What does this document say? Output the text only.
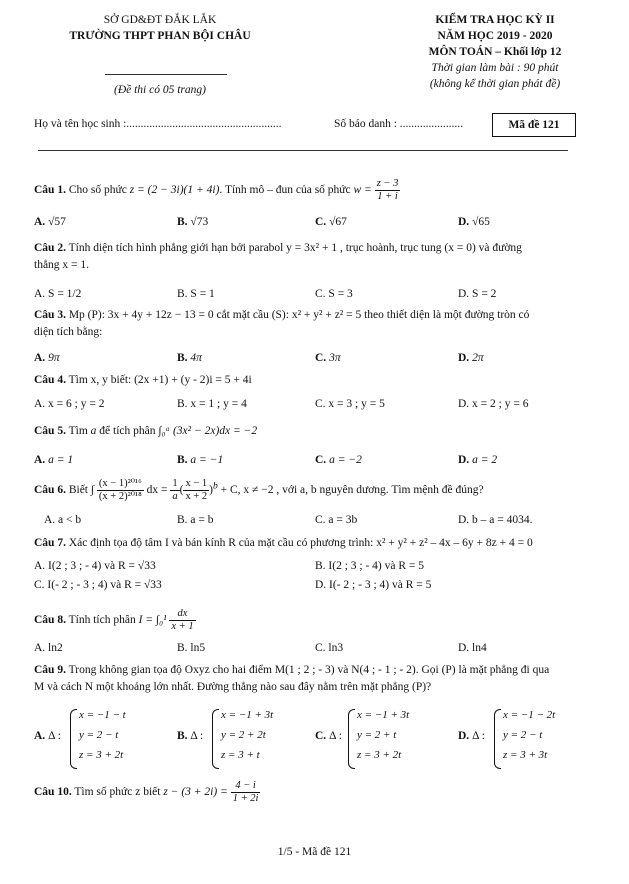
SỞ GD&ĐT ĐẮK LẮK
TRƯỜNG THPT PHAN BỘI CHÂU
(Đề thi có 05 trang)
KIỂM TRA HỌC KỲ II
NĂM HỌC 2019 - 2020
MÔN TOÁN – Khối lớp 12
Thời gian làm bài : 90 phút
(không kể thời gian phát đề)
Họ và tên học sinh :......................................................	Số báo danh : ......................	Mã đề 121
Câu 1. Cho số phức z = (2 − 3i)(1 + 4i). Tính mô – đun của số phức $w = \frac{z - 3}{1 + i}$
A. √57	B. √73	C. √67	D. √65
Câu 2. Tính diện tích hình phẳng giới hạn bởi parabol y = 3x² + 1 , trục hoành, trục tung (x = 0) và đường
thẳng x = 1.
A. S = 1/2	B. S = 1	C. S = 3	D. S = 2
Câu 3. Mp (P): 3x + 4y + 12z − 13 = 0 cắt mặt cầu (S): x² + y² + z² = 5 theo thiết diện là một đường tròn có
diện tích bằng:
A. 9π	B. 4π	C. 3π	D. 2π
Câu 4. Tìm x, y biết: (2x +1) + (y - 2)i = 5 + 4i
A. x = 6 ; y = 2	B. x = 1 ; y = 4	C. x = 3 ; y = 5	D. x = 2 ; y = 6
Câu 5. Tìm a để tích phân ∫₀ᵃ (3x² − 2x)dx = −2
A. a = 1	B. a = −1	C. a = −2	D. a = 2
Câu 6. Biết ∫ $\frac{\text{(x − 1)²⁰¹⁶}}{\text{(x + 2)²⁰¹⁸}}$ dx = $\frac{1}{a}$ ( $\frac{x - 1}{x + 2} )^b + C$, x ≠ −2 , với a, b nguyên dương. Tìm mệnh đề đúng?
A. a < b	B. a = b	C. a = 3b	D. b – a = 4034.
Câu 7. Xác định tọa độ tâm I và bán kính R của mặt cầu có phương trình: x² + y² + z² – 4x – 6y + 8z + 4 = 0
A. I(2 ; 3 ; - 4) và R = √33	B. I(2 ; 3 ; - 4) và R = 5
C. I(- 2 ; - 3 ; 4) và R = √33	D. I(- 2 ; - 3 ; 4) và R = 5
Câu 8. Tính tích phân $I = \int_0^1 \frac{dx}{x + 1}$
A. ln2	B. ln5	C. ln3	D. ln4
Câu 9. Trong không gian tọa độ Oxyz cho hai điểm M(1 ; 2 ; - 3) và N(4 ; - 1 ; - 2). Gọi (P) là mặt phẳng đi qua
M và cách N một khoảng lớn nhất. Đường thẳng nào sau đây nằm trên mặt phẳng (P)?
A. Δ :
x = −1 − t
y = 2 − t
z = 3 + 2t
B. Δ :
x = −1 + 3t
y = 2 + 2t
z = 3 + t
C. Δ :
x = −1 + 3t
y = 2 + t
z = 3 + 2t
D. Δ :
x = −1 − 2t
y = 2 − t
z = 3 + 3t
Câu 10. Tìm số phức z biết $z - (3 + 2i) = \frac{4 - i}{1 + 2i}$
1/5 - Mã đề 121
